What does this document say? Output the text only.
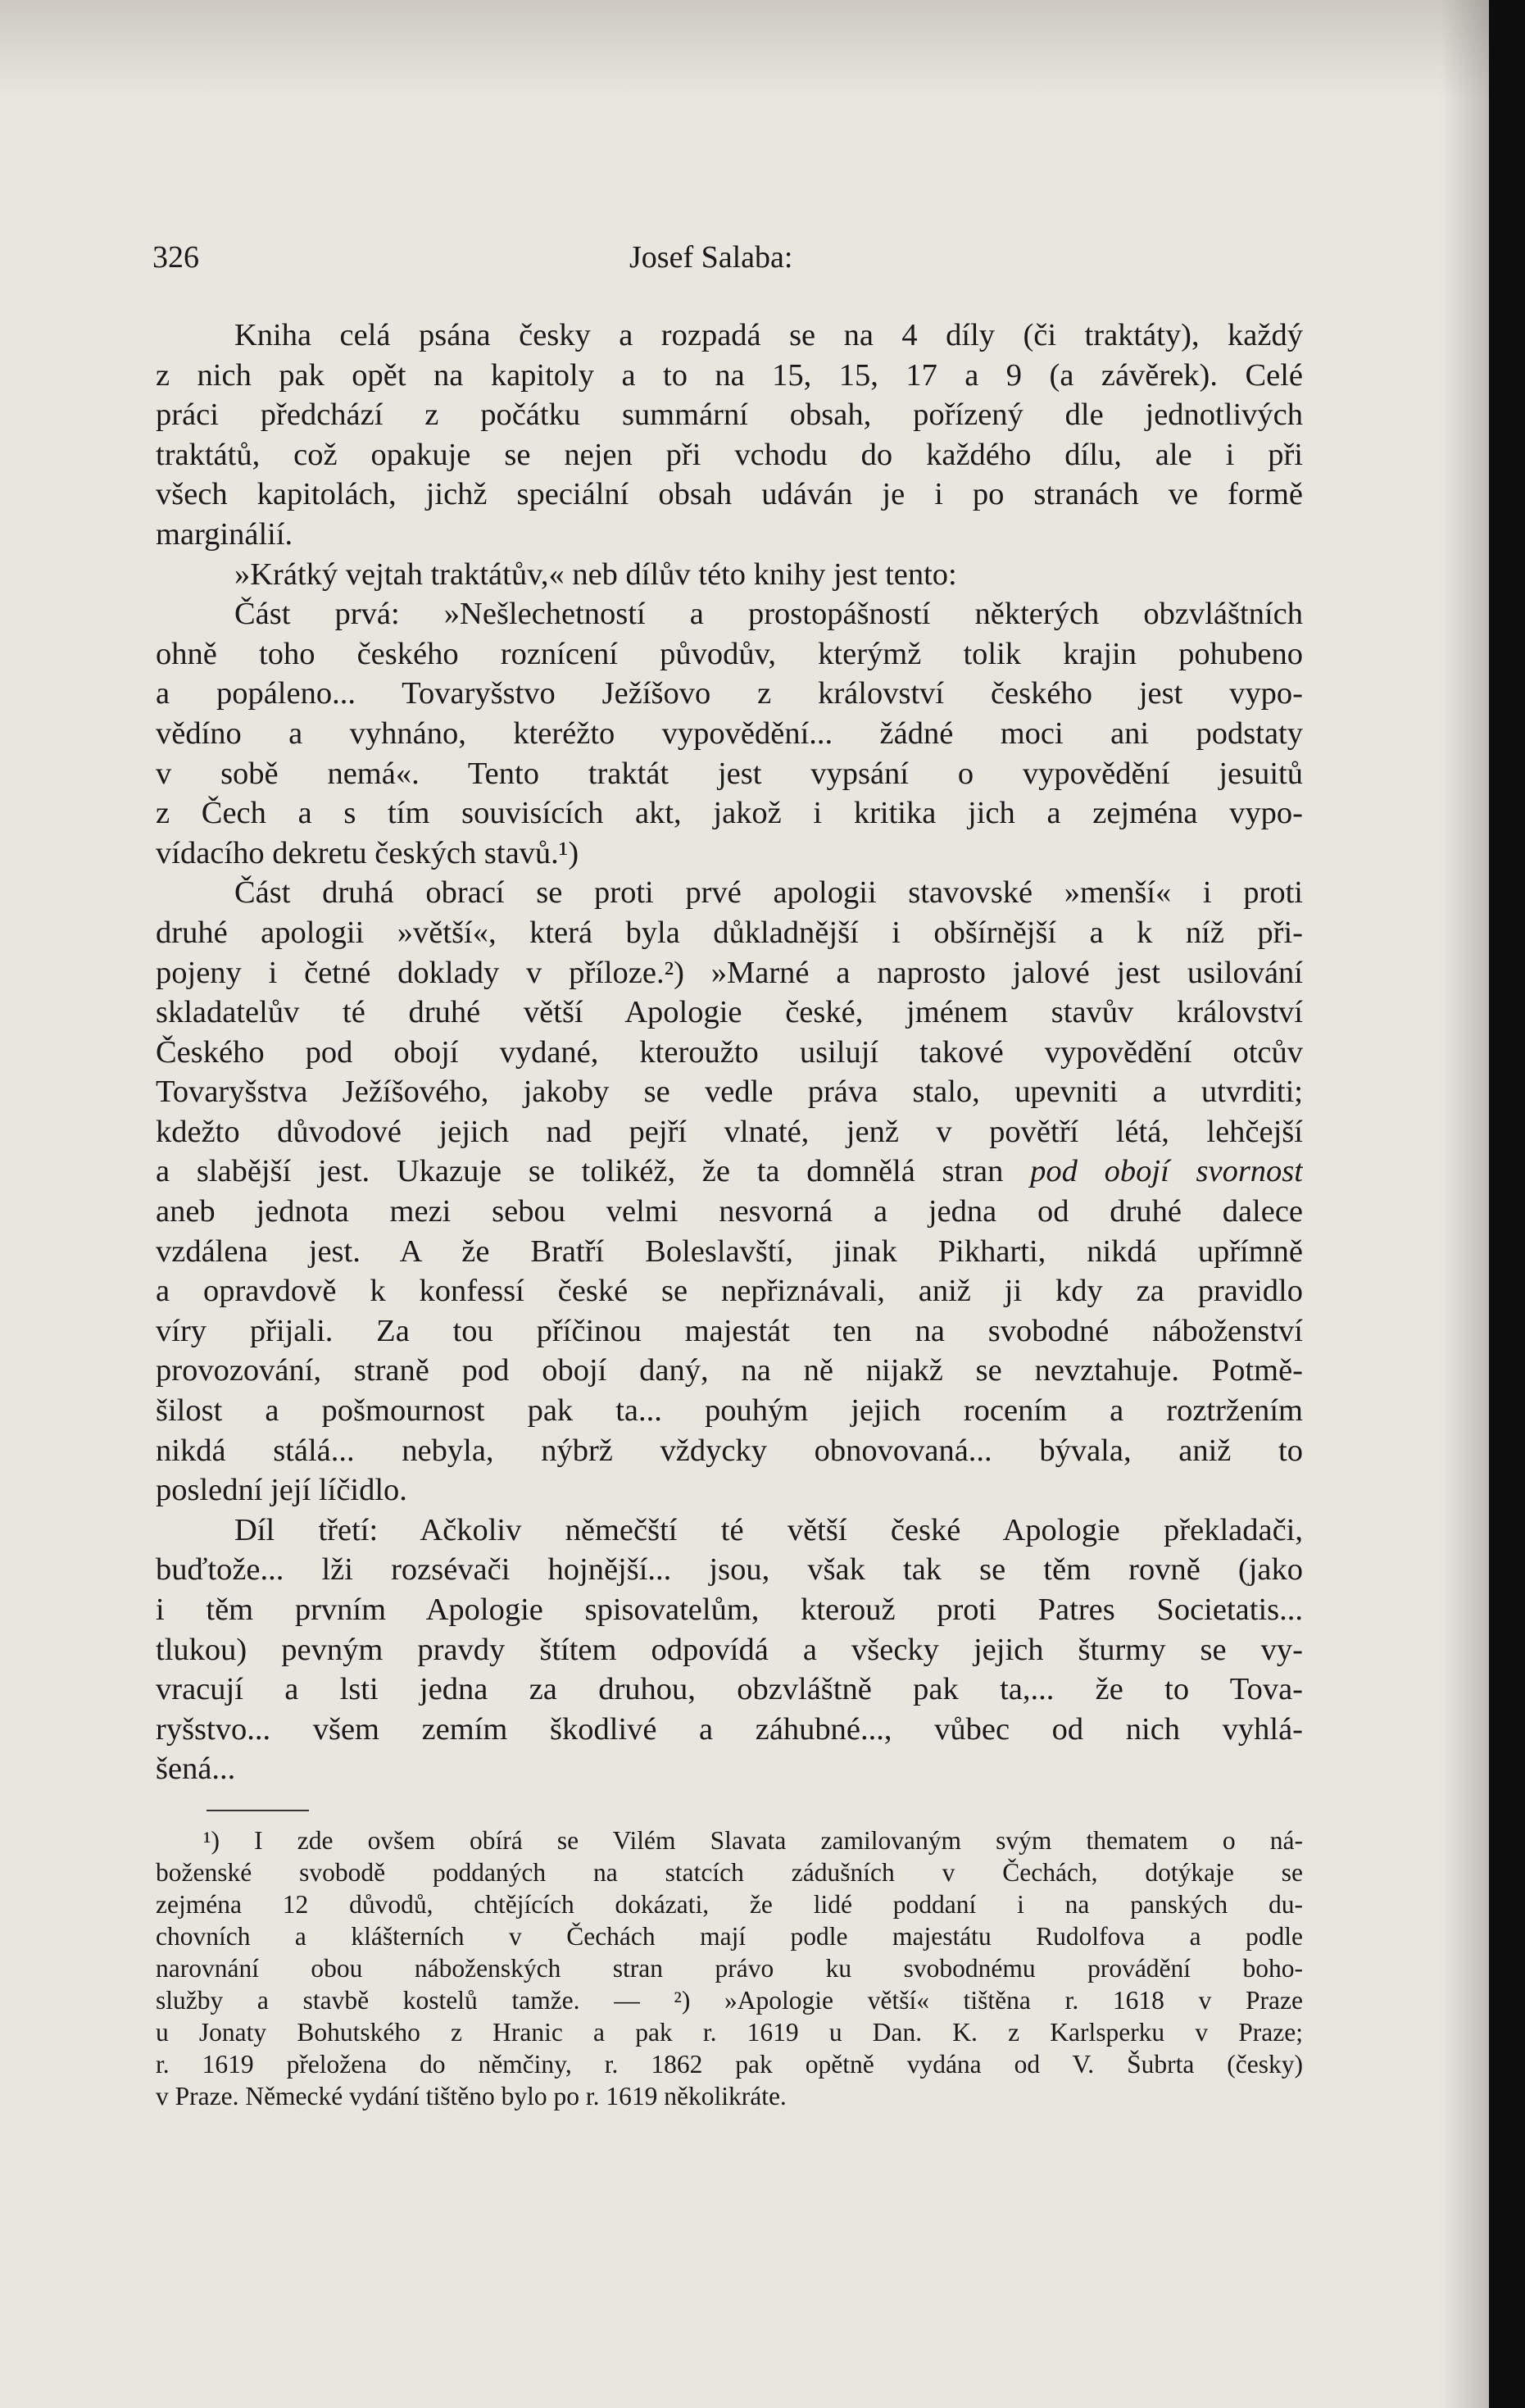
326	Josef Salaba:
Kniha celá psána česky a rozpadá se na 4 díly (či traktáty), každý
z nich pak opět na kapitoly a to na 15, 15, 17 a 9 (a závěrek). Celé
práci předchází z počátku summární obsah, pořízený dle jednotlivých
traktátů, což opakuje se nejen při vchodu do každého dílu, ale i při
všech kapitolách, jichž speciální obsah udáván je i po stranách ve formě
marginálií.
»Krátký vejtah traktátův,« neb dílův této knihy jest tento:
Část prvá: »Nešlechetností a prostopášností některých obzvláštních
ohně toho českého roznícení původův, kterýmž tolik krajin pohubeno
a popáleno... Tovaryšstvo Ježíšovo z království českého jest vypo-
vědíno a vyhnáno, kteréžto vypovědění... žádné moci ani podstaty
v sobě nemá«. Tento traktát jest vypsání o vypovědění jesuitů
z Čech a s tím souvisících akt, jakož i kritika jich a zejména vypo-
vídacího dekretu českých stavů.¹)
Část druhá obrací se proti prvé apologii stavovské »menší« i proti
druhé apologii »větší«, která byla důkladnější i obšírnější a k níž při-
pojeny i četné doklady v příloze.²) »Marné a naprosto jalové jest usilování
skladatelův té druhé větší Apologie české, jménem stavův království
Českého pod obojí vydané, kteroužto usilují takové vypovědění otcův
Tovaryšstva Ježíšového, jakoby se vedle práva stalo, upevniti a utvrditi;
kdežto důvodové jejich nad pejří vlnaté, jenž v povětří létá, lehčejší
a slabější jest. Ukazuje se tolikéž, že ta domnělá stran pod obojí svornost
aneb jednota mezi sebou velmi nesvorná a jedna od druhé dalece
vzdálena jest. A že Bratří Boleslavští, jinak Pikharti, nikdá upřímně
a opravdově k konfessí české se nepřiznávali, aniž ji kdy za pravidlo
víry přijali. Za tou příčinou majestát ten na svobodné náboženství
provozování, straně pod obojí daný, na ně nijakž se nevztahuje. Potmě-
šilost a pošmournost pak ta... pouhým jejich rocením a roztržením
nikdá stálá... nebyla, nýbrž vždycky obnovovaná... bývala, aniž to
poslední její líčidlo.
Díl třetí: Ačkoliv němečští té větší české Apologie překladači,
buďtože... lži rozsévači hojnější... jsou, však tak se těm rovně (jako
i těm prvním Apologie spisovatelům, kterouž proti Patres Societatis...
tlukou) pevným pravdy štítem odpovídá a všecky jejich šturmy se vy-
vracují a lsti jedna za druhou, obzvláštně pak ta,... že to Tova-
ryšstvo... všem zemím škodlivé a záhubné..., vůbec od nich vyhlá-
šená...
¹) I zde ovšem obírá se Vilém Slavata zamilovaným svým thematem o ná-
boženské svobodě poddaných na statcích zádušních v Čechách, dotýkaje se
zejména 12 důvodů, chtějících dokázati, že lidé poddaní i na panských du-
chovních a klášterních v Čechách mají podle majestátu Rudolfova a podle
narovnání obou náboženských stran právo ku svobodnému provádění boho-
služby a stavbě kostelů tamže. — ²) »Apologie větší« tištěna r. 1618 v Praze
u Jonaty Bohutského z Hranic a pak r. 1619 u Dan. K. z Karlsperku v Praze;
r. 1619 přeložena do němčiny, r. 1862 pak opětně vydána od V. Šubrta (česky)
v Praze. Německé vydání tištěno bylo po r. 1619 několikráte.
